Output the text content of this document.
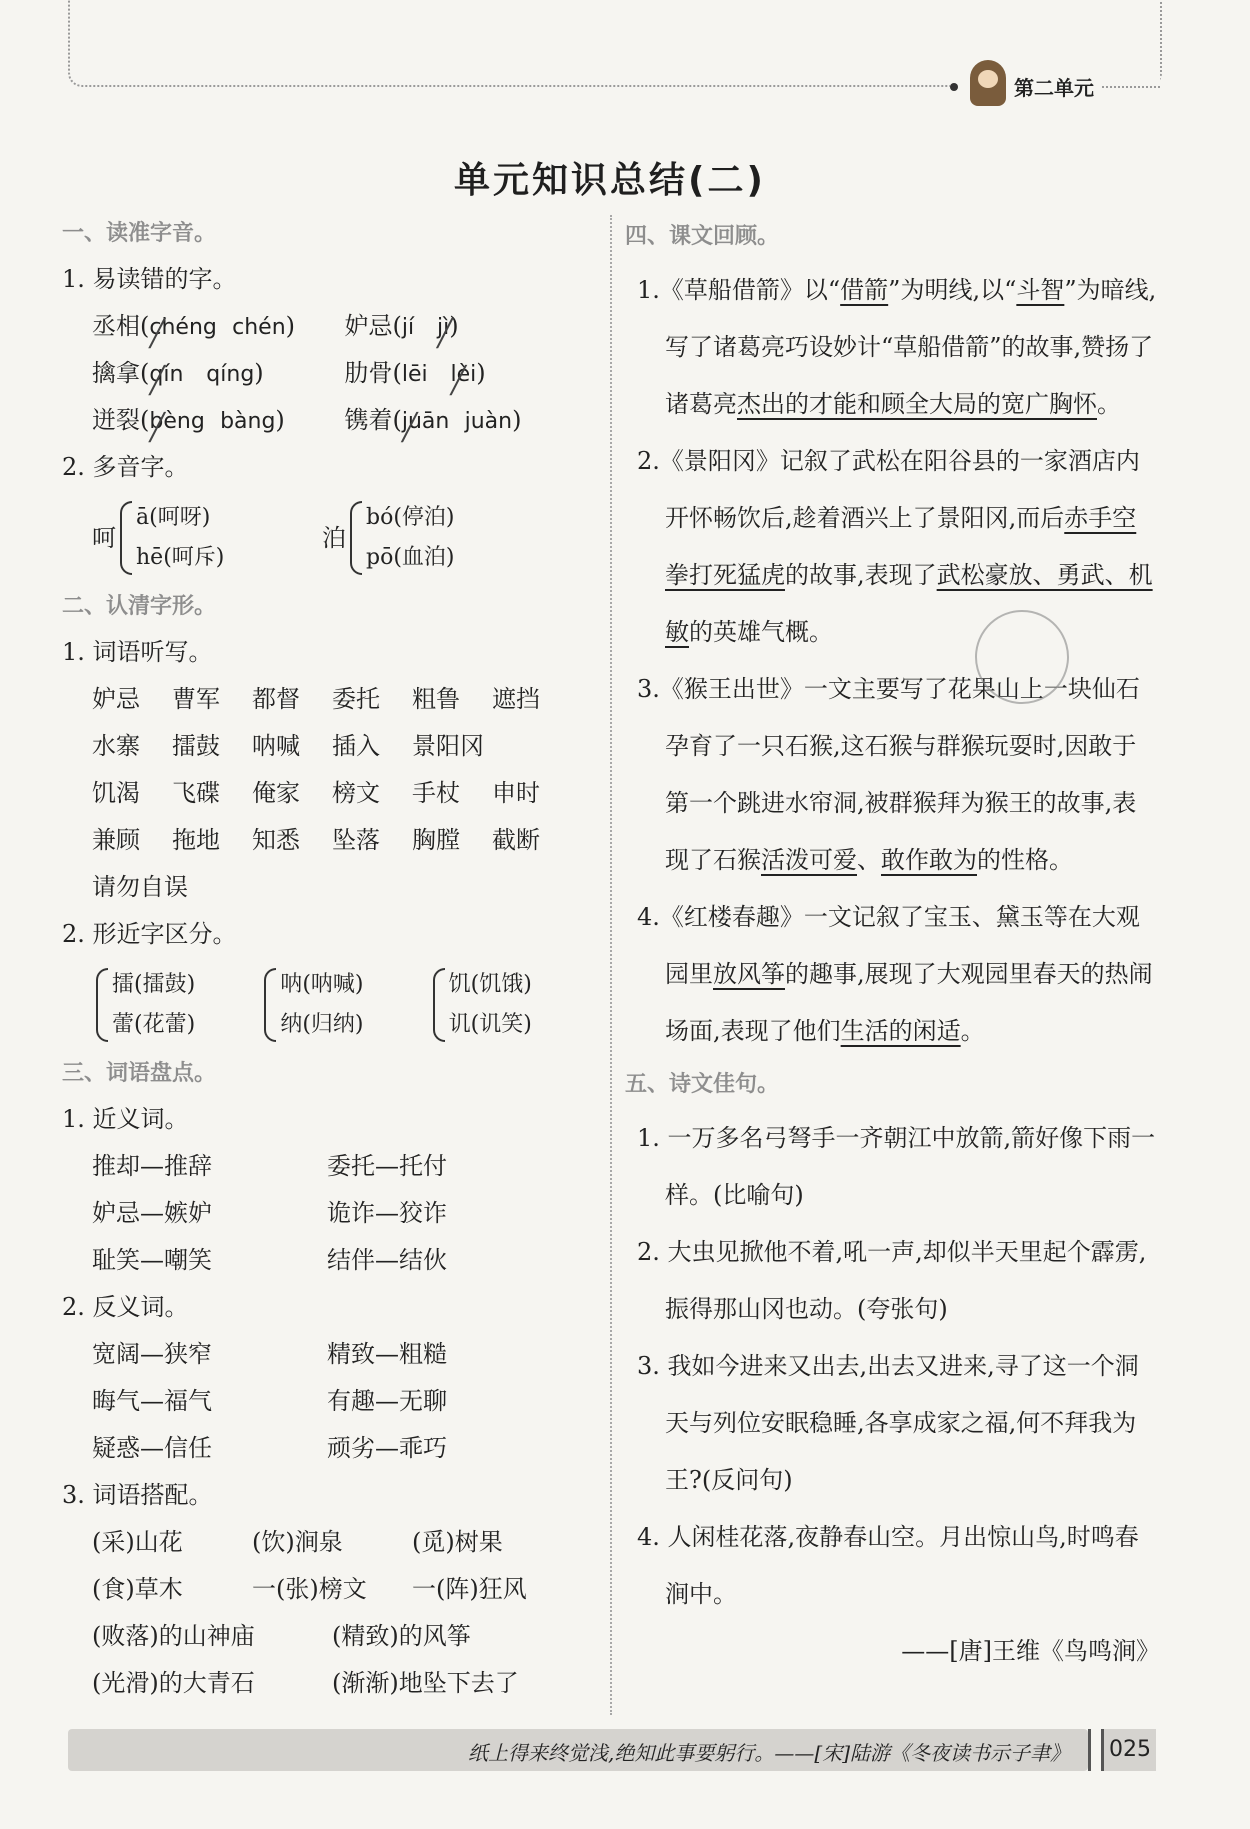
第二单元
单元知识总结(二)
一、读准字音。
1. 易读错的字。
丞相(chéng ╱ chén)	妒忌(jí jì ╱)
擒拿(qín ╱ qíng)	肋骨(lēi lèi ╱)
迸裂(bèng ╱ bàng)	镌着(juān ╱ juàn)
2. 多音字。
呵
ā(呵呀)
hē(呵斥)
泊
bó(停泊)
pō(血泊)
二、认清字形。
1. 词语听写。
妒忌	曹军	都督	委托	粗鲁	遮挡
水寨	擂鼓	呐喊	插入	景阳冈
饥渴	飞碟	俺家	榜文	手杖	申时
兼顾	拖地	知悉	坠落	胸膛	截断
请勿自误
2. 形近字区分。
擂(擂鼓)
蕾(花蕾)
呐(呐喊)
纳(归纳)
饥(饥饿)
讥(讥笑)
三、词语盘点。
1. 近义词。
推却—推辞	委托—托付
妒忌—嫉妒	诡诈—狡诈
耻笑—嘲笑	结伴—结伙
2. 反义词。
宽阔—狭窄	精致—粗糙
晦气—福气	有趣—无聊
疑惑—信任	顽劣—乖巧
3. 词语搭配。
(采)山花	(饮)涧泉	(觅)树果
(食)草木	一(张)榜文	一(阵)狂风
(败落)的山神庙	(精致)的风筝
(光滑)的大青石	(渐渐)地坠下去了
四、课文回顾。
1.《草船借箭》以“借箭”为明线,以“斗智”为暗线,写了诸葛亮巧设妙计“草船借箭”的故事,赞扬了诸葛亮杰出的才能和顾全大局的宽广胸怀。
2.《景阳冈》记叙了武松在阳谷县的一家酒店内开怀畅饮后,趁着酒兴上了景阳冈,而后赤手空拳打死猛虎的故事,表现了武松豪放、勇武、机敏的英雄气概。
3.《猴王出世》一文主要写了花果山上一块仙石孕育了一只石猴,这石猴与群猴玩耍时,因敢于第一个跳进水帘洞,被群猴拜为猴王的故事,表现了石猴活泼可爱、敢作敢为的性格。
4.《红楼春趣》一文记叙了宝玉、黛玉等在大观园里放风筝的趣事,展现了大观园里春天的热闹场面,表现了他们生活的闲适。
五、诗文佳句。
1. 一万多名弓弩手一齐朝江中放箭,箭好像下雨一样。(比喻句)
2. 大虫见掀他不着,吼一声,却似半天里起个霹雳,振得那山冈也动。(夸张句)
3. 我如今进来又出去,出去又进来,寻了这一个洞天与列位安眠稳睡,各享成家之福,何不拜我为王?(反问句)
4. 人闲桂花落,夜静春山空。月出惊山鸟,时鸣春涧中。
——[唐]王维《鸟鸣涧》
纸上得来终觉浅,绝知此事要躬行。——[宋]陆游《冬夜读书示子聿》 025
